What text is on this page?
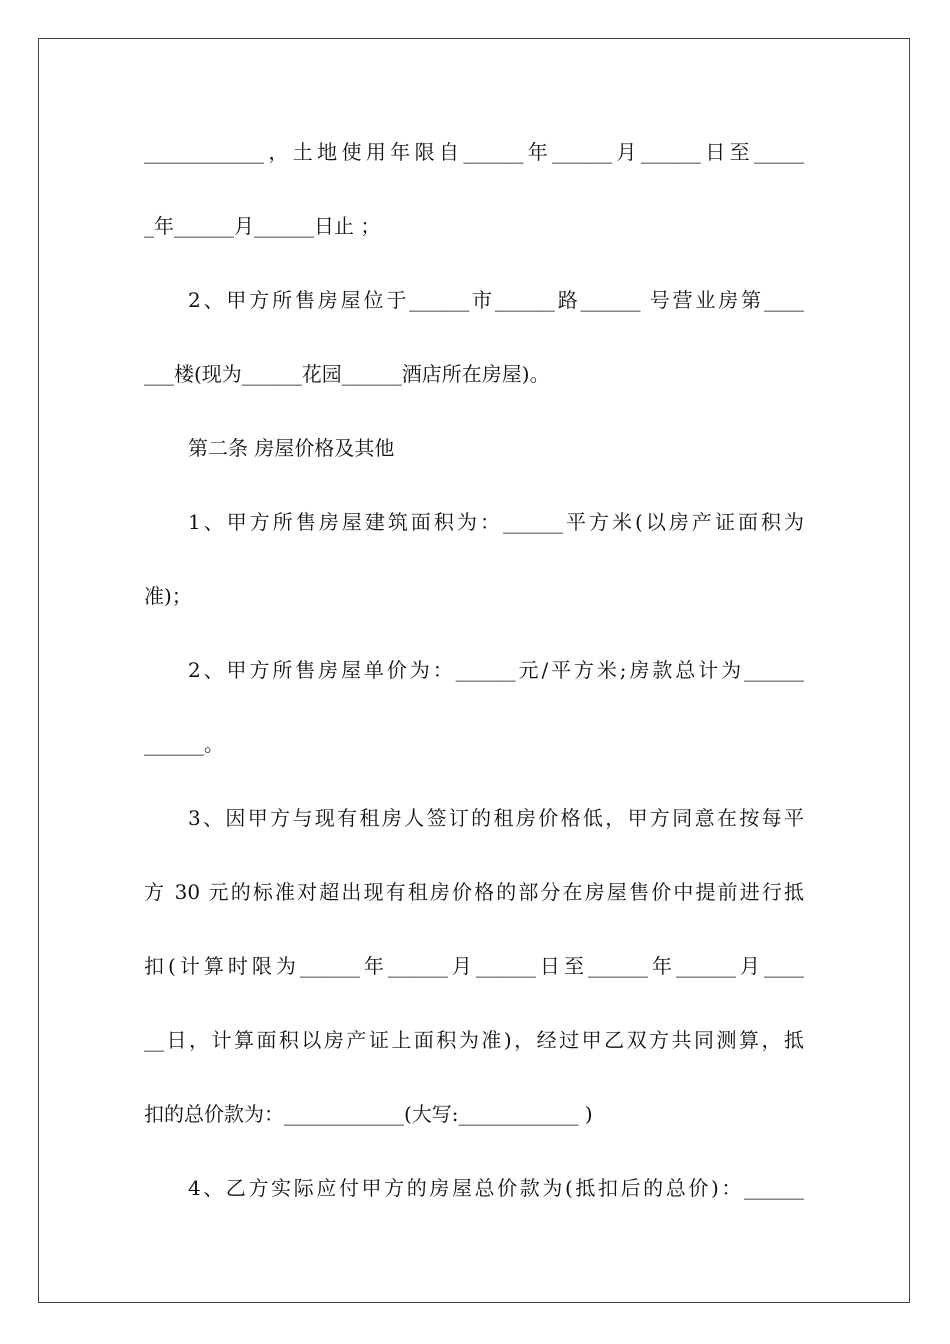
____________，土地使用年限自______年______月______日至_____
_年______月______日止 ；
2、甲方所售房屋位于______市______路______ 号营业房第____
___楼(现为______花园______酒店所在房屋)。
第二条 房屋价格及其他
1、甲方所售房屋建筑面积为：______平方米(以房产证面积为
准)；
2、甲方所售房屋单价为：______元/平方米;房款总计为______
______。
3、因甲方与现有租房人签订的租房价格低，甲方同意在按每平
方 30 元的标准对超出现有租房价格的部分在房屋售价中提前进行抵
扣(计算时限为______年______月______日至______年______月____
__日，计算面积以房产证上面积为准)，经过甲乙双方共同测算，抵
扣的总价款为：____________(大写:____________ )
4、乙方实际应付甲方的房屋总价款为(抵扣后的总价)：______
